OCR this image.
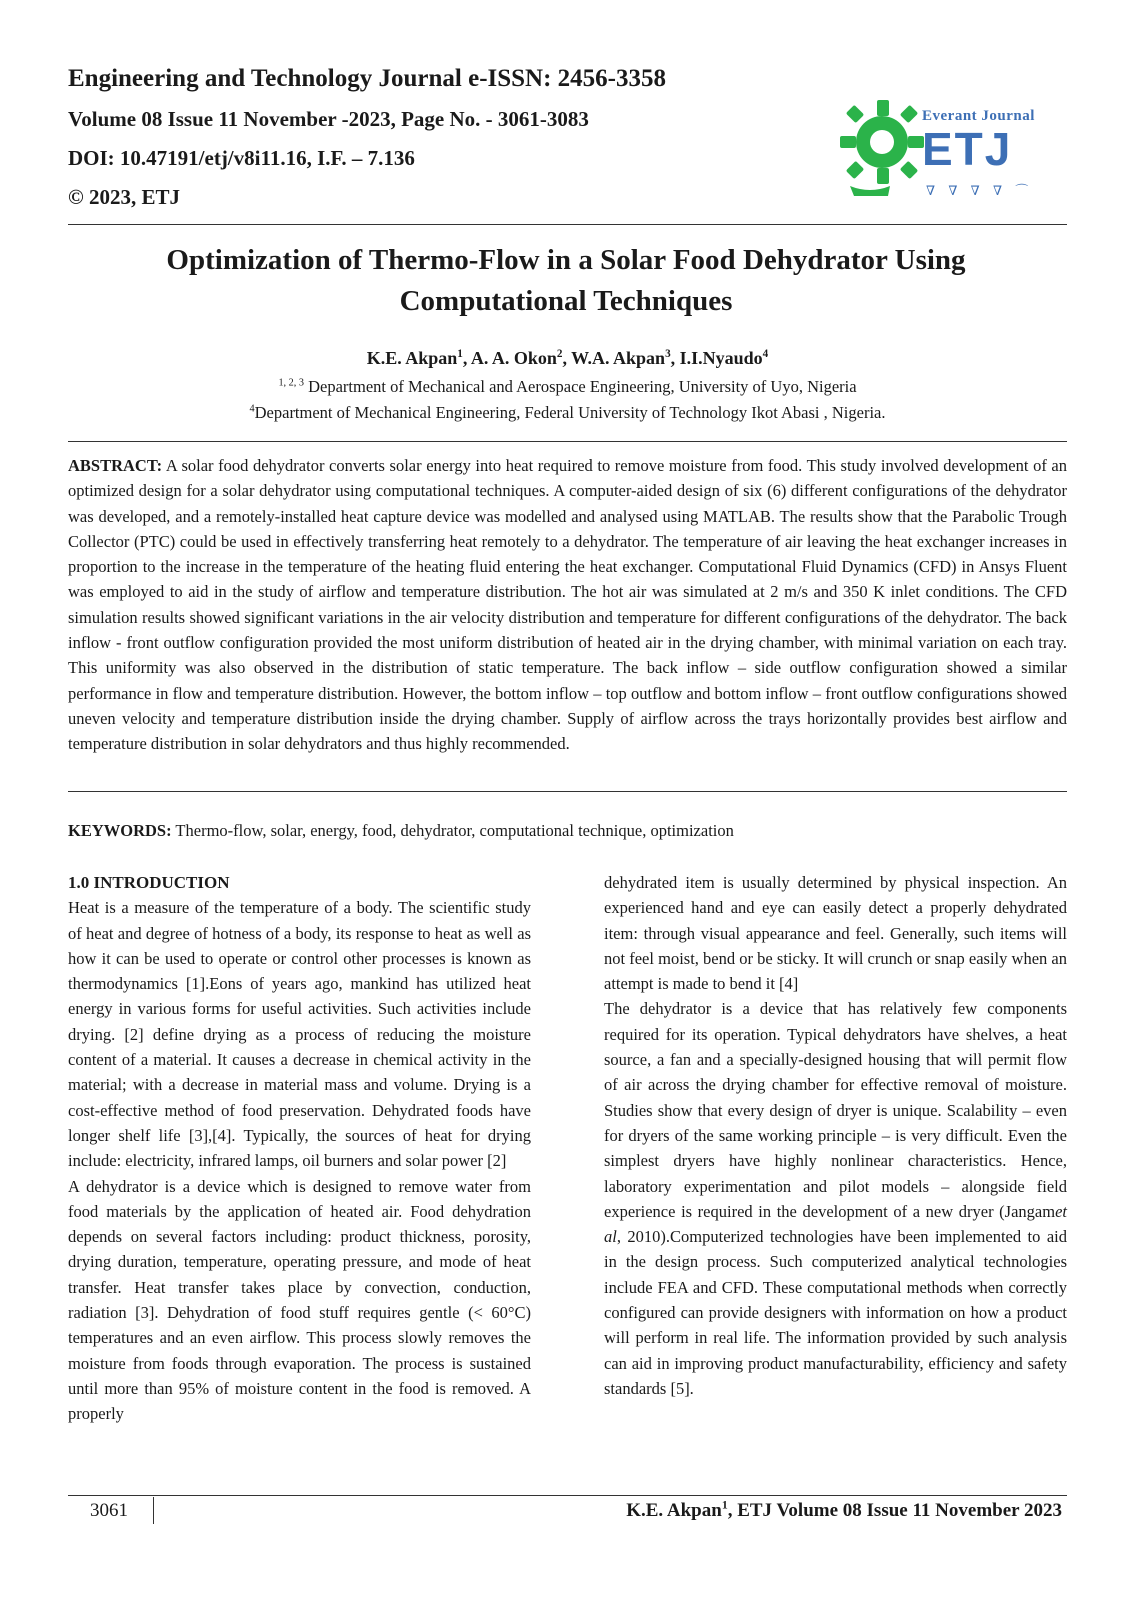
Engineering and Technology Journal e-ISSN: 2456-3358

Volume 08 Issue 11 November -2023, Page No. - 3061-3083

DOI: 10.47191/etj/v8i11.16, I.F. – 7.136

© 2023, ETJ

Everant Journal
ETJ
∇ ∇ ∇ ∇ ⌒
Optimization of Thermo-Flow in a Solar Food Dehydrator Using Computational Techniques
K.E. Akpan$^1$, A. A. Okon$^2$, W.A. Akpan$^3$, I.I.Nyaudo$^4$
$^{1, 2, 3}$ Department of Mechanical and Aerospace Engineering, University of Uyo, Nigeria
$^4$Department of Mechanical Engineering, Federal University of Technology Ikot Abasi , Nigeria.

ABSTRACT: A solar food dehydrator converts solar energy into heat required to remove moisture from food. This study involved development of an optimized design for a solar dehydrator using computational techniques. A computer-aided design of six (6) different configurations of the dehydrator was developed, and a remotely-installed heat capture device was modelled and analysed using MATLAB. The results show that the Parabolic Trough Collector (PTC) could be used in effectively transferring heat remotely to a dehydrator. The temperature of air leaving the heat exchanger increases in proportion to the increase in the temperature of the heating fluid entering the heat exchanger. Computational Fluid Dynamics (CFD) in Ansys Fluent was employed to aid in the study of airflow and temperature distribution. The hot air was simulated at 2 m/s and 350 K inlet conditions. The CFD simulation results showed significant variations in the air velocity distribution and temperature for different configurations of the dehydrator. The back inflow - front outflow configuration provided the most uniform distribution of heated air in the drying chamber, with minimal variation on each tray. This uniformity was also observed in the distribution of static temperature. The back inflow – side outflow configuration showed a similar performance in flow and temperature distribution. However, the bottom inflow – top outflow and bottom inflow – front outflow configurations showed uneven velocity and temperature distribution inside the drying chamber. Supply of airflow across the trays horizontally provides best airflow and temperature distribution in solar dehydrators and thus highly recommended.

KEYWORDS: Thermo-flow, solar, energy, food, dehydrator, computational technique, optimization

1.0 INTRODUCTION

Heat is a measure of the temperature of a body. The scientific study of heat and degree of hotness of a body, its response to heat as well as how it can be used to operate or control other processes is known as thermodynamics [1].Eons of years ago, mankind has utilized heat energy in various forms for useful activities. Such activities include drying. [2] define drying as a process of reducing the moisture content of a material. It causes a decrease in chemical activity in the material; with a decrease in material mass and volume. Drying is a cost-effective method of food preservation. Dehydrated foods have longer shelf life [3],[4]. Typically, the sources of heat for drying include: electricity, infrared lamps, oil burners and solar power [2]

A dehydrator is a device which is designed to remove water from food materials by the application of heated air. Food dehydration depends on several factors including: product thickness, porosity, drying duration, temperature, operating pressure, and mode of heat transfer. Heat transfer takes place by convection, conduction, radiation [3]. Dehydration of food stuff requires gentle (< 60°C) temperatures and an even airflow. This process slowly removes the moisture from foods through evaporation. The process is sustained until more than 95% of moisture content in the food is removed. A properly

dehydrated item is usually determined by physical inspection. An experienced hand and eye can easily detect a properly dehydrated item: through visual appearance and feel. Generally, such items will not feel moist, bend or be sticky. It will crunch or snap easily when an attempt is made to bend it [4]

The dehydrator is a device that has relatively few components required for its operation. Typical dehydrators have shelves, a heat source, a fan and a specially-designed housing that will permit flow of air across the drying chamber for effective removal of moisture. Studies show that every design of dryer is unique. Scalability – even for dryers of the same working principle – is very difficult. Even the simplest dryers have highly nonlinear characteristics. Hence, laboratory experimentation and pilot models – alongside field experience is required in the development of a new dryer (Jangamet al, 2010).Computerized technologies have been implemented to aid in the design process. Such computerized analytical technologies include FEA and CFD. These computational methods when correctly configured can provide designers with information on how a product will perform in real life. The information provided by such analysis can aid in improving product manufacturability, efficiency and safety standards [5].

3061	K.E. Akpan$^1$, ETJ Volume 08 Issue 11 November 2023
